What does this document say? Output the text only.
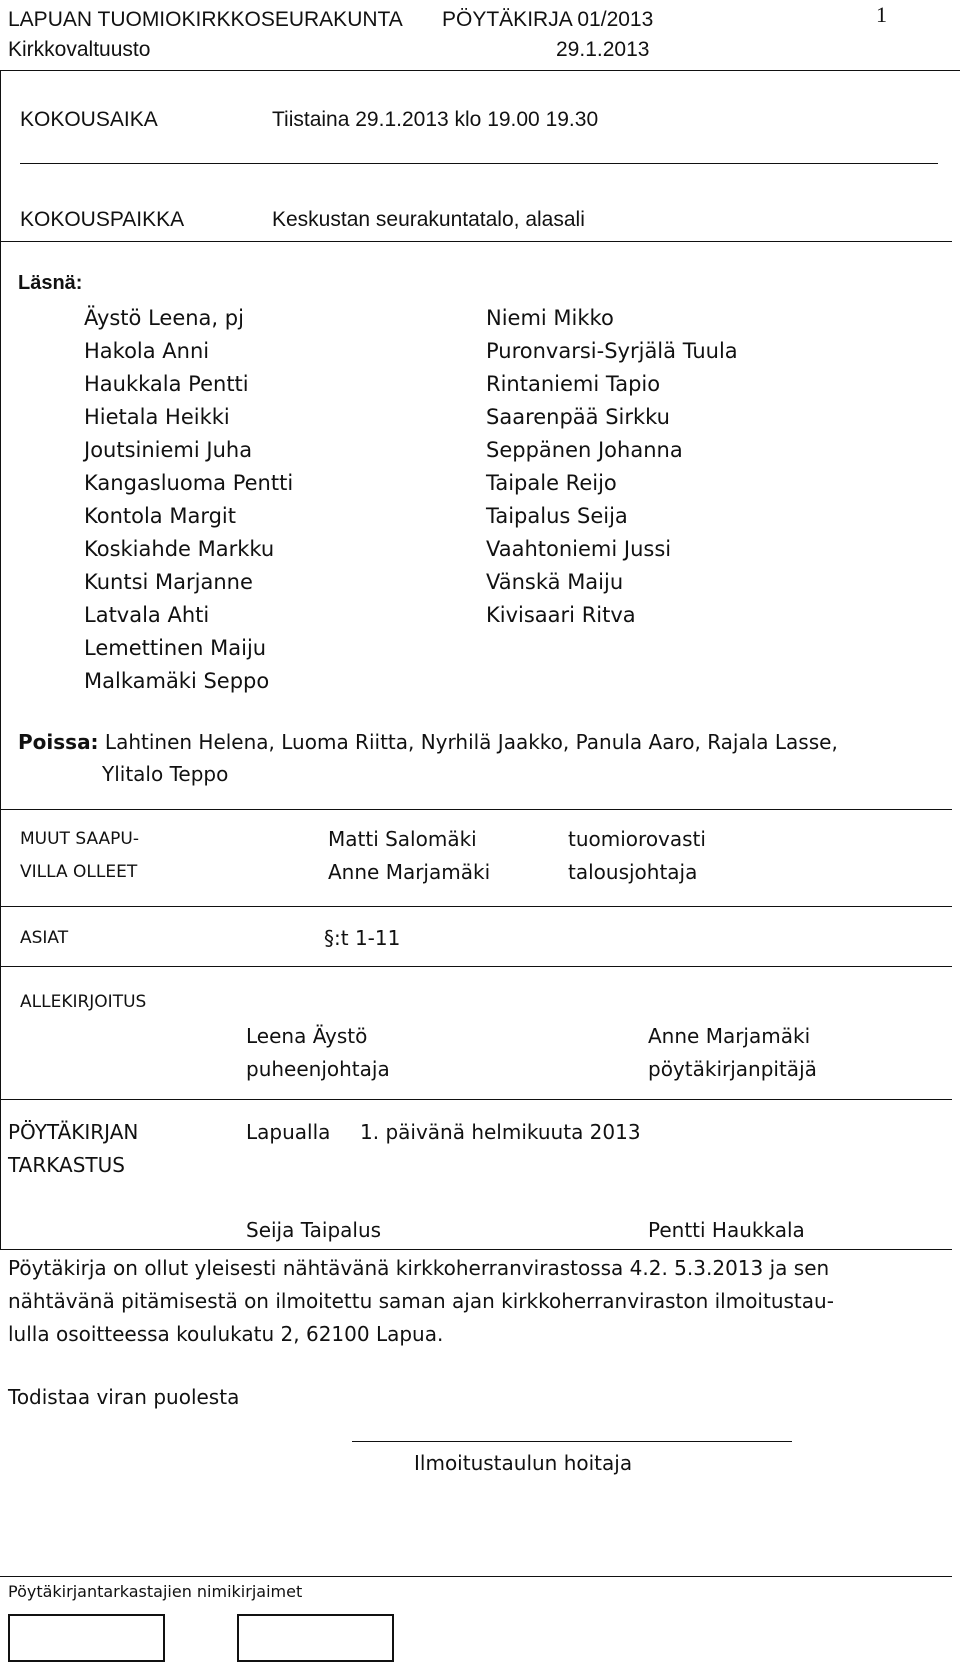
LAPUAN TUOMIOKIRKKOSEURAKUNTA PÖYTÄKIRJA 01/2013	1
Kirkkovaltuusto	29.1.2013
KOKOUSAIKA	Tiistaina 29.1.2013 klo 19.00 19.30
KOKOUSPAIKKA	Keskustan seurakuntatalo, alasali
Läsnä:
Äystö Leena, pj
Hakola Anni
Haukkala Pentti
Hietala Heikki
Joutsiniemi Juha
Kangasluoma Pentti
Kontola Margit
Koskiahde Markku
Kuntsi Marjanne
Latvala Ahti
Lemettinen Maiju
Malkamäki Seppo
Niemi Mikko
Puronvarsi-Syrjälä Tuula
Rintaniemi Tapio
Saarenpää Sirkku
Seppänen Johanna
Taipale Reijo
Taipalus Seija
Vaahtoniemi Jussi
Vänskä Maiju
Kivisaari Ritva
Poissa: Lahtinen Helena, Luoma Riitta, Nyrhilä Jaakko, Panula Aaro, Rajala Lasse,
Ylitalo Teppo
MUUT SAAPU-
VILLA OLLEET
Matti Salomäki	tuomiorovasti
Anne Marjamäki	talousjohtaja
ASIAT	§:t 1-11
ALLEKIRJOITUS
Leena Äystö
puheenjohtaja
Anne Marjamäki
pöytäkirjanpitäjä
PÖYTÄKIRJAN
TARKASTUS
Lapualla 1. päivänä helmikuuta 2013
Seija Taipalus	Pentti Haukkala
Pöytäkirja on ollut yleisesti nähtävänä kirkkoherranvirastossa 4.2. 5.3.2013 ja sen
nähtävänä pitämisestä on ilmoitettu saman ajan kirkkoherranviraston ilmoitustau-
lulla osoitteessa koulukatu 2, 62100 Lapua.
Todistaa viran puolesta
Ilmoitustaulun hoitaja
Pöytäkirjantarkastajien nimikirjaimet
